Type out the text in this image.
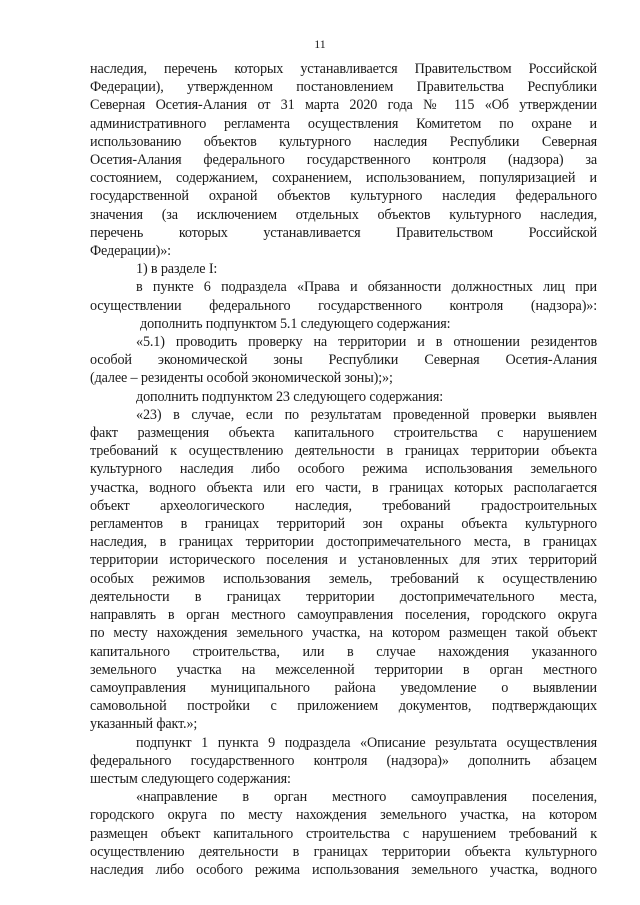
11

наследия, перечень которых устанавливается Правительством Российской

Федерации), утвержденном постановлением Правительства Республики

Северная Осетия-Алания от 31 марта 2020 года № 115 «Об утверждении

административного регламента осуществления Комитетом по охране и

использованию объектов культурного наследия Республики Северная

Осетия-Алания федерального государственного контроля (надзора) за

состоянием, содержанием, сохранением, использованием, популяризацией и

государственной охраной объектов культурного наследия федерального

значения (за исключением отдельных объектов культурного наследия,

перечень которых устанавливается Правительством Российской

Федерации)»:

1) в разделе I:

в пункте 6 подраздела «Права и обязанности должностных лиц при

осуществлении федерального государственного контроля (надзора)»:

дополнить подпунктом 5.1 следующего содержания:

«5.1) проводить проверку на территории и в отношении резидентов

особой экономической зоны Республики Северная Осетия-Алания

(далее – резиденты особой экономической зоны);»;

дополнить подпунктом 23 следующего содержания:

«23) в случае, если по результатам проведенной проверки выявлен

факт размещения объекта капитального строительства с нарушением

требований к осуществлению деятельности в границах территории объекта

культурного наследия либо особого режима использования земельного

участка, водного объекта или его части, в границах которых располагается

объект археологического наследия, требований градостроительных

регламентов в границах территорий зон охраны объекта культурного

наследия, в границах территории достопримечательного места, в границах

территории исторического поселения и установленных для этих территорий

особых режимов использования земель, требований к осуществлению

деятельности в границах территории достопримечательного места,

направлять в орган местного самоуправления поселения, городского округа

по месту нахождения земельного участка, на котором размещен такой объект

капитального строительства, или в случае нахождения указанного

земельного участка на межселенной территории в орган местного

самоуправления муниципального района уведомление о выявлении

самовольной постройки с приложением документов, подтверждающих

указанный факт.»;

подпункт 1 пункта 9 подраздела «Описание результата осуществления

федерального государственного контроля (надзора)» дополнить абзацем

шестым следующего содержания:

«направление в орган местного самоуправления поселения,

городского округа по месту нахождения земельного участка, на котором

размещен объект капитального строительства с нарушением требований к

осуществлению деятельности в границах территории объекта культурного

наследия либо особого режима использования земельного участка, водного
